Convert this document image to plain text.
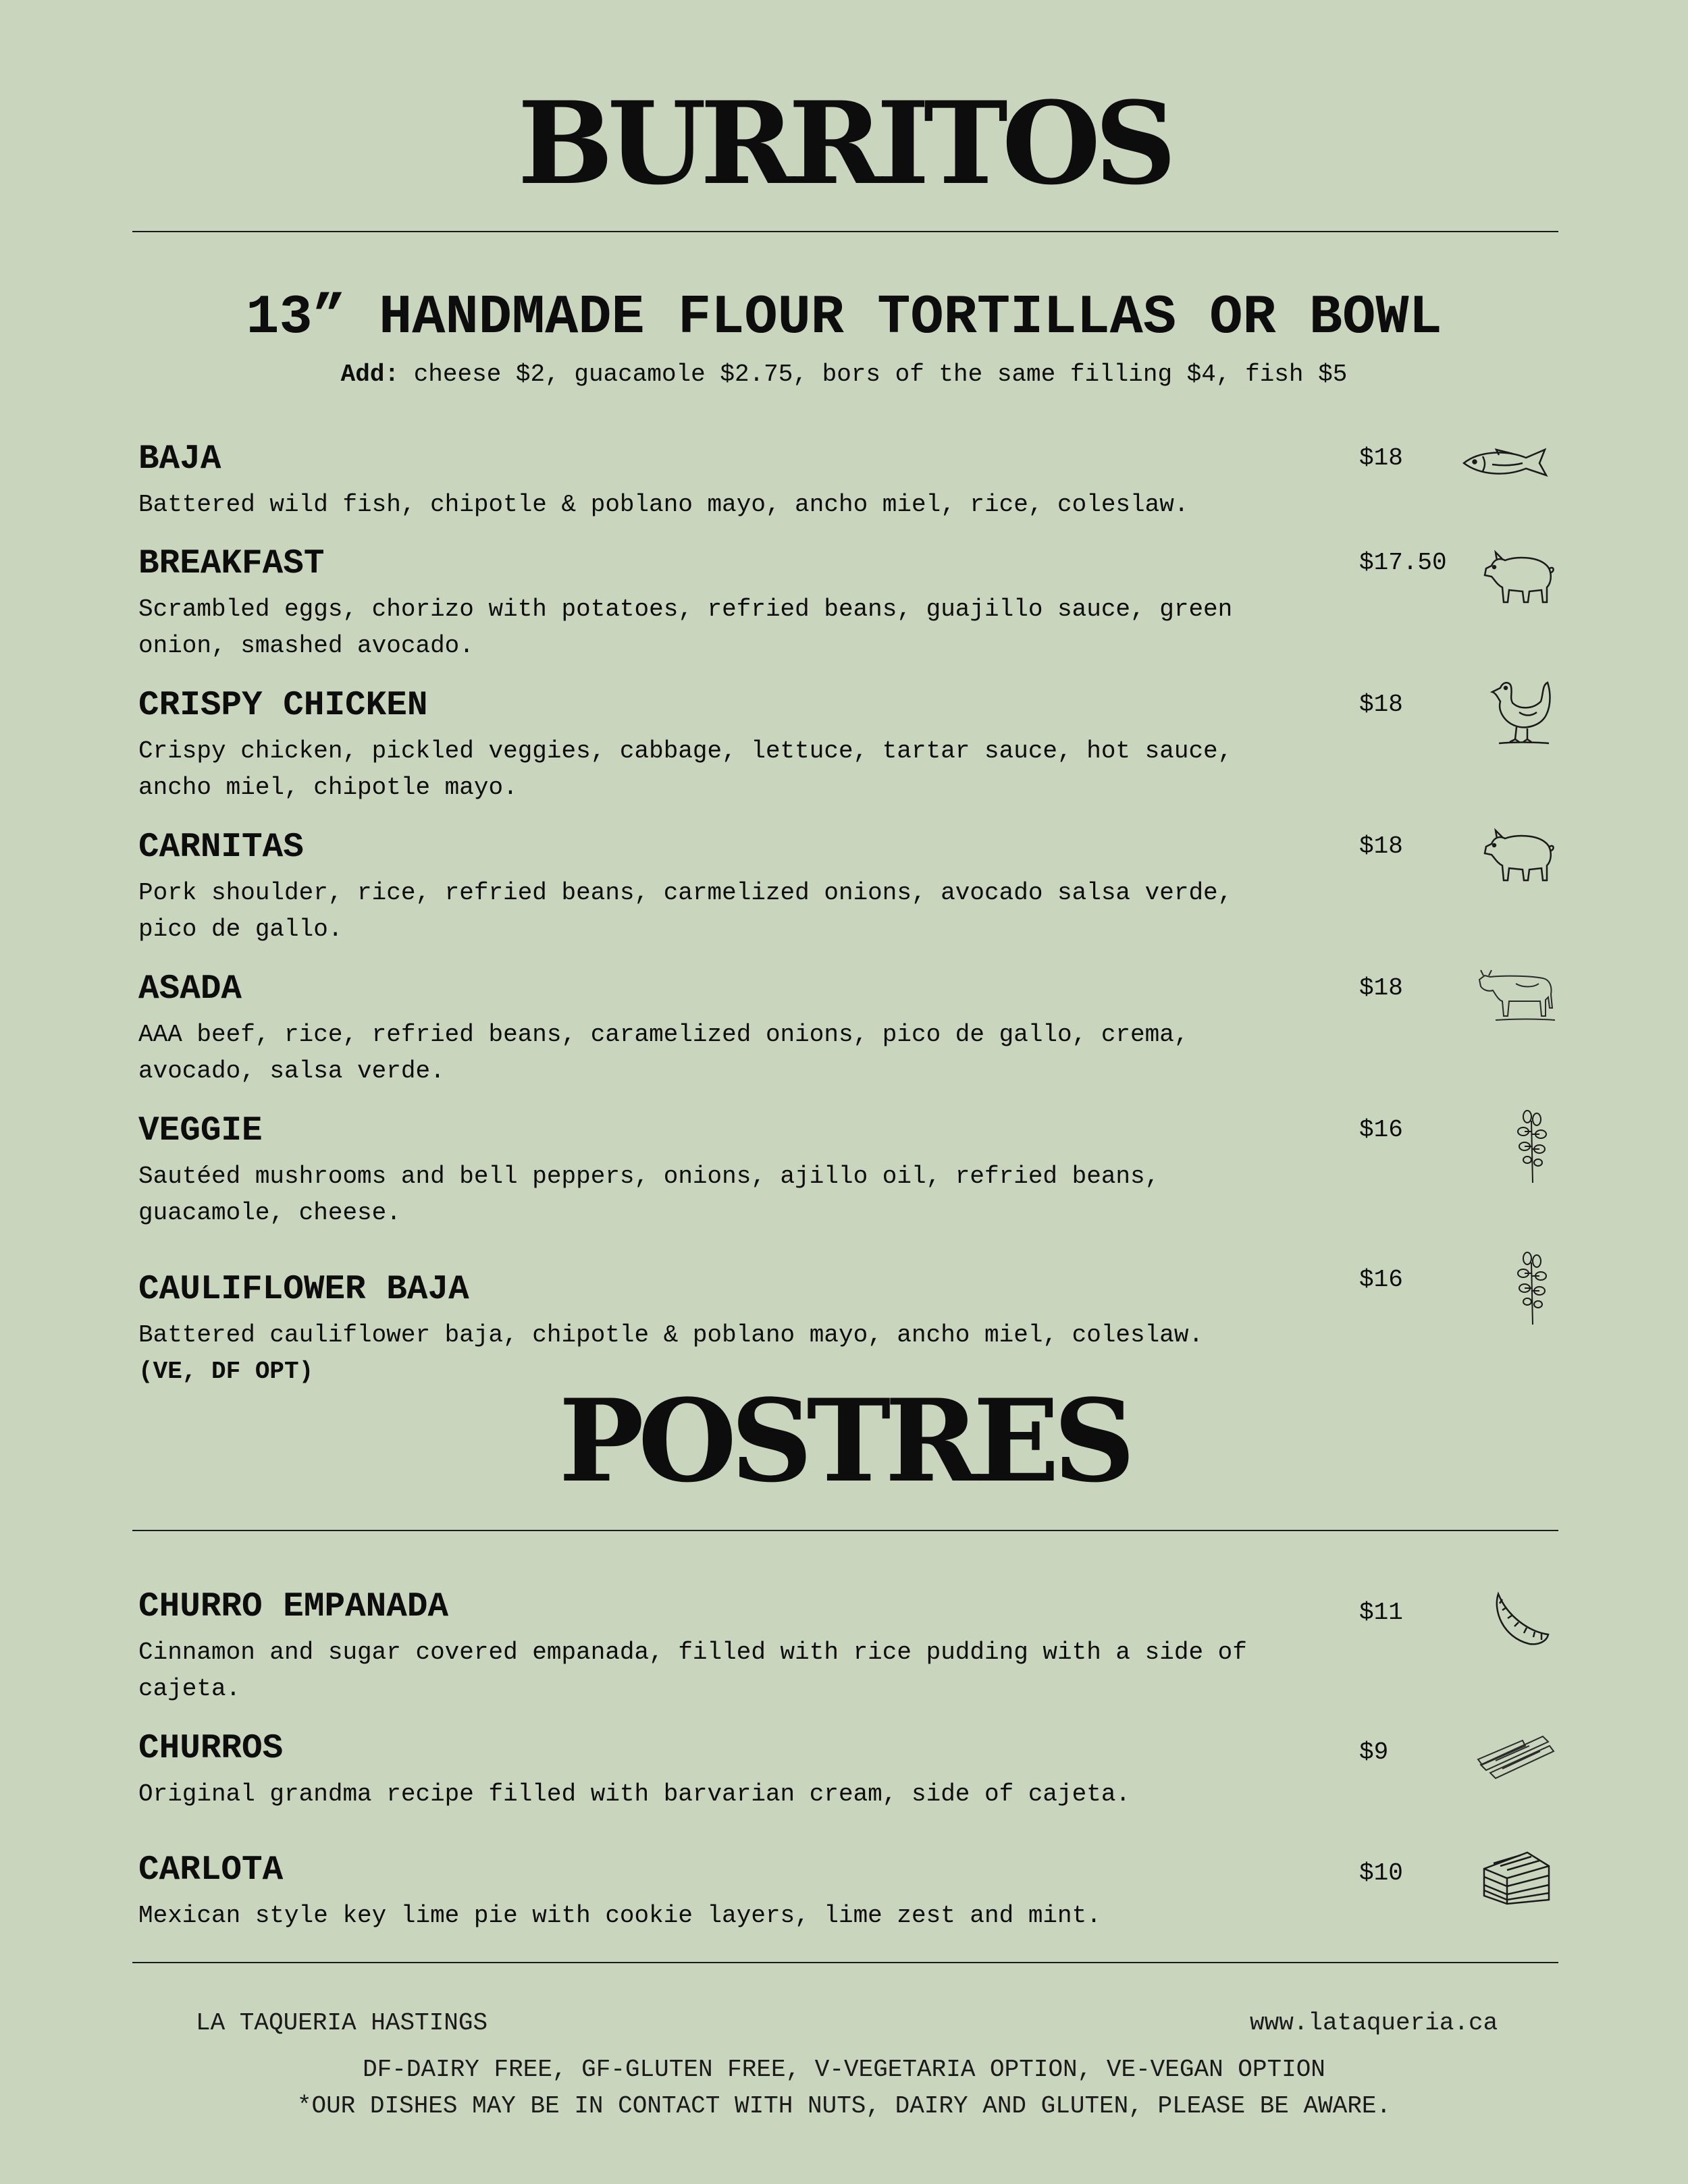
BURRITOS
13” HANDMADE FLOUR TORTILLAS OR BOWL
Add: cheese $2, guacamole $2.75, bors of the same filling $4, fish $5
BAJA
Battered wild fish, chipotle & poblano mayo, ancho miel, rice, coleslaw.
$18
BREAKFAST
Scrambled eggs, chorizo with potatoes, refried beans, guajillo sauce, green onion, smashed avocado.
$17.50
CRISPY CHICKEN
Crispy chicken, pickled veggies, cabbage, lettuce, tartar sauce, hot sauce, ancho miel, chipotle mayo.
$18
CARNITAS
Pork shoulder, rice, refried beans, carmelized onions, avocado salsa verde, pico de gallo.
$18
ASADA
AAA beef, rice, refried beans, caramelized onions, pico de gallo, crema, avocado, salsa verde.
$18
VEGGIE
Sautéed mushrooms and bell peppers, onions, ajillo oil, refried beans, guacamole, cheese.
$16
CAULIFLOWER BAJA
Battered cauliflower baja, chipotle & poblano mayo, ancho miel, coleslaw.
(VE, DF OPT)
$16
POSTRES
CHURRO EMPANADA
Cinnamon and sugar covered empanada, filled with rice pudding with a side of cajeta.
$11
CHURROS
Original grandma recipe filled with barvarian cream, side of cajeta.
$9
CARLOTA
Mexican style key lime pie with cookie layers, lime zest and mint.
$10
LA TAQUERIA HASTINGS	www.lataqueria.ca
DF-DAIRY FREE, GF-GLUTEN FREE, V-VEGETARIA OPTION, VE-VEGAN OPTION
*OUR DISHES MAY BE IN CONTACT WITH NUTS, DAIRY AND GLUTEN, PLEASE BE AWARE.
